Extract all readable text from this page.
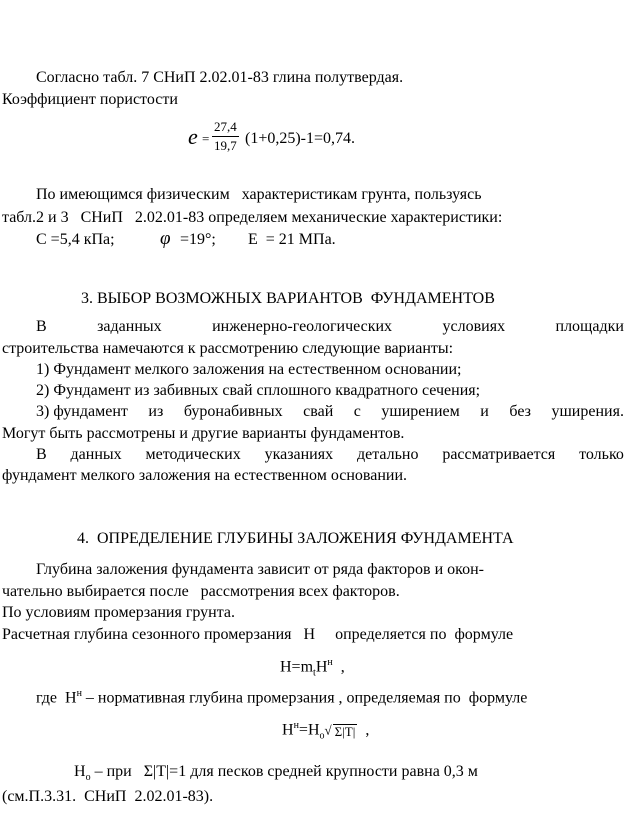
Согласно табл. 7 СНиП 2.02.01-83 глина полутвердая.
Коэффициент пористости
$e = \frac{27,4}{19,7} (1+0,25)-1=0,74$.
По имеющимся физическим   характеристикам грунта, пользуясь
табл.2 и 3   СНиП   2.02.01-83 определяем механические характеристики:
С =5,4 кПа; φ =19°; Е  = 21 МПа.
3. ВЫБОР ВОЗМОЖНЫХ ВАРИАНТОВ  ФУНДАМЕНТОВ
В	заданных	инженерно-геологических	условиях	площадки
строительства намечаются к рассмотрению следующие варианты:
1) Фундамент мелкого заложения на естественном основании;
2) Фундамент из забивных свай сплошного квадратного сечения;
3) фундамент из буронабивных свай с уширением и без уширения.
Могут быть рассмотрены и другие варианты фундаментов.
В данных методических указаниях детально рассматривается только
фундамент мелкого заложения на естественном основании.
4.  ОПРЕДЕЛЕНИЕ ГЛУБИНЫ ЗАЛОЖЕНИЯ ФУНДАМЕНТА
Глубина заложения фундамента зависит от ряда факторов и окон-
чательно выбирается после   рассмотрения всех факторов.
По условиям промерзания грунта.
Расчетная глубина сезонного промерзания   Н     определяется по  формуле
$Н=m_tН^н$  ,
где  $Н^н$ – нормативная глубина промерзания , определяемая по  формуле
$Н^н=Н_о√$ Σ|T|  ,
$Н_о$ – при   Σ|T|=1 для песков средней крупности равна 0,3 м
(см.П.3.31.  СНиП  2.02.01-83).
